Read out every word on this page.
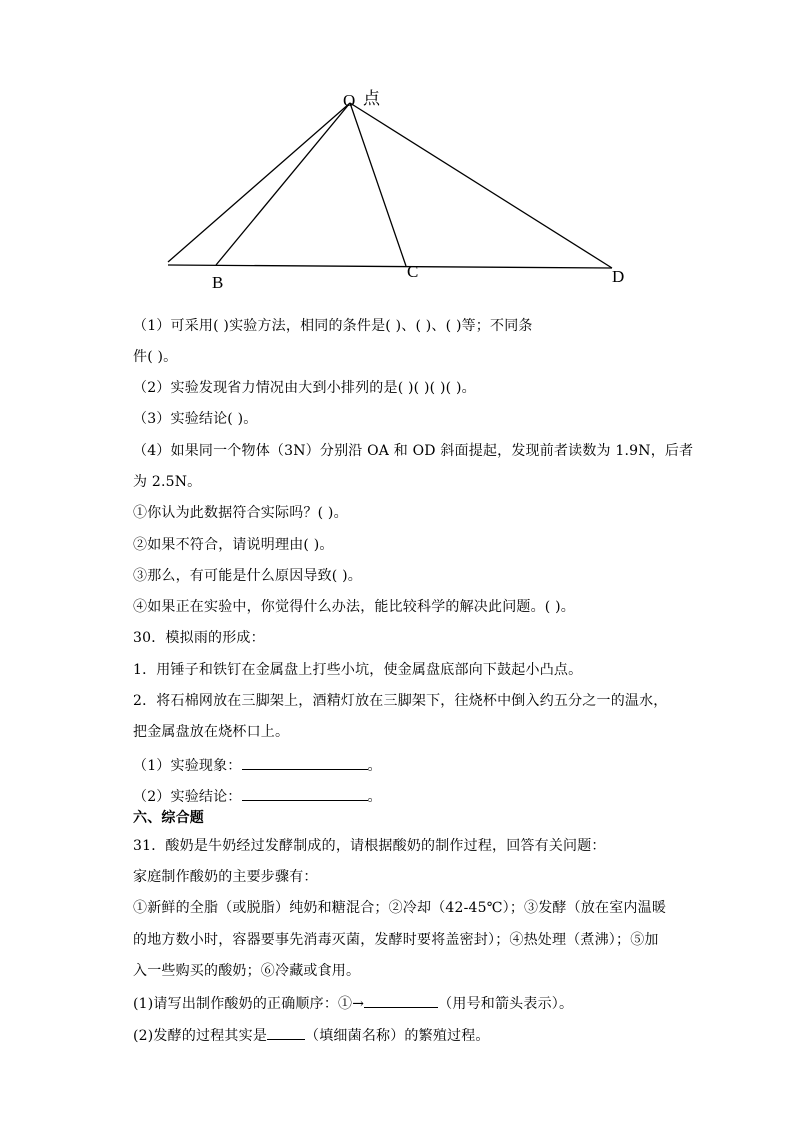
O 点
B
C	D
（1）可采用( )实验方法，相同的条件是( )、( )、( )等；不同条
件( )。
（2）实验发现省力情况由大到小排列的是( )( )( )( )。
（3）实验结论( )。
（4）如果同一个物体（3N）分别沿 OA 和 OD 斜面提起，发现前者读数为 1.9N，后者
为 2.5N。
①你认为此数据符合实际吗？( )。
②如果不符合，请说明理由( )。
③那么，有可能是什么原因导致( )。
④如果正在实验中，你觉得什么办法，能比较科学的解决此问题。( )。
30．模拟雨的形成：
1．用锤子和铁钉在金属盘上打些小坑，使金属盘底部向下鼓起小凸点。
2．将石棉网放在三脚架上，酒精灯放在三脚架下，往烧杯中倒入约五分之一的温水，
把金属盘放在烧杯口上。
（1）实验现象：	。
（2）实验结论：	。
六、综合题
31．酸奶是牛奶经过发酵制成的，请根据酸奶的制作过程，回答有关问题：
家庭制作酸奶的主要步骤有：
①新鲜的全脂（或脱脂）纯奶和糖混合；②冷却（42-45℃）；③发酵（放在室内温暖
的地方数小时，容器要事先消毒灭菌，发酵时要将盖密封）；④热处理（煮沸）；⑤加
入一些购买的酸奶；⑥冷藏或食用。
(1)请写出制作酸奶的正确顺序：①→	（用号和箭头表示）。
(2)发酵的过程其实是	（填细菌名称）的繁殖过程。
